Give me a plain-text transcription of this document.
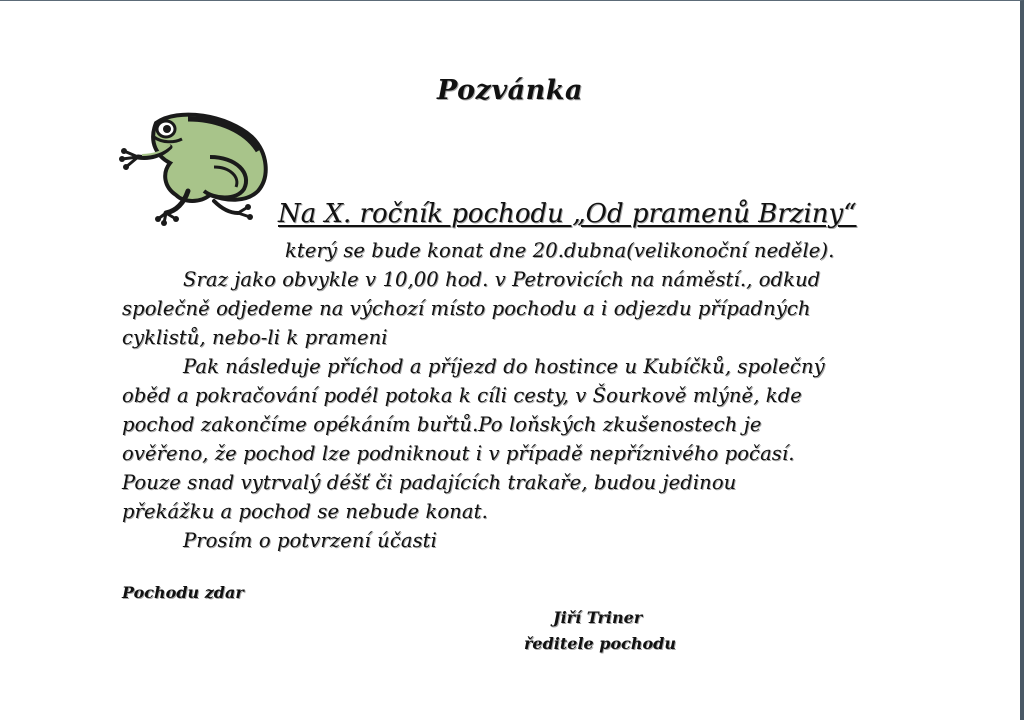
Pozvánka
Na X. ročník pochodu „Od pramenů Brziny“
který se bude konat dne 20.dubna(velikonoční neděle).
Sraz jako obvykle v 10,00 hod. v Petrovicích na náměstí., odkud
společně odjedeme na výchozí místo pochodu a i odjezdu případných
cyklistů, nebo-li k prameni
Pak následuje příchod a příjezd do hostince u Kubíčků, společný
oběd a pokračování podél potoka k cíli cesty, v Šourkově mlýně, kde
pochod zakončíme opékáním buřtů.Po loňských zkušenostech je
ověřeno, že pochod lze podniknout i v případě nepříznivého počasí.
Pouze snad vytrvalý déšť či padajících trakaře, budou jedinou
překážku a pochod se nebude konat.
Prosím o potvrzení účasti
Pochodu zdar
Jiří Triner
ředitele pochodu
